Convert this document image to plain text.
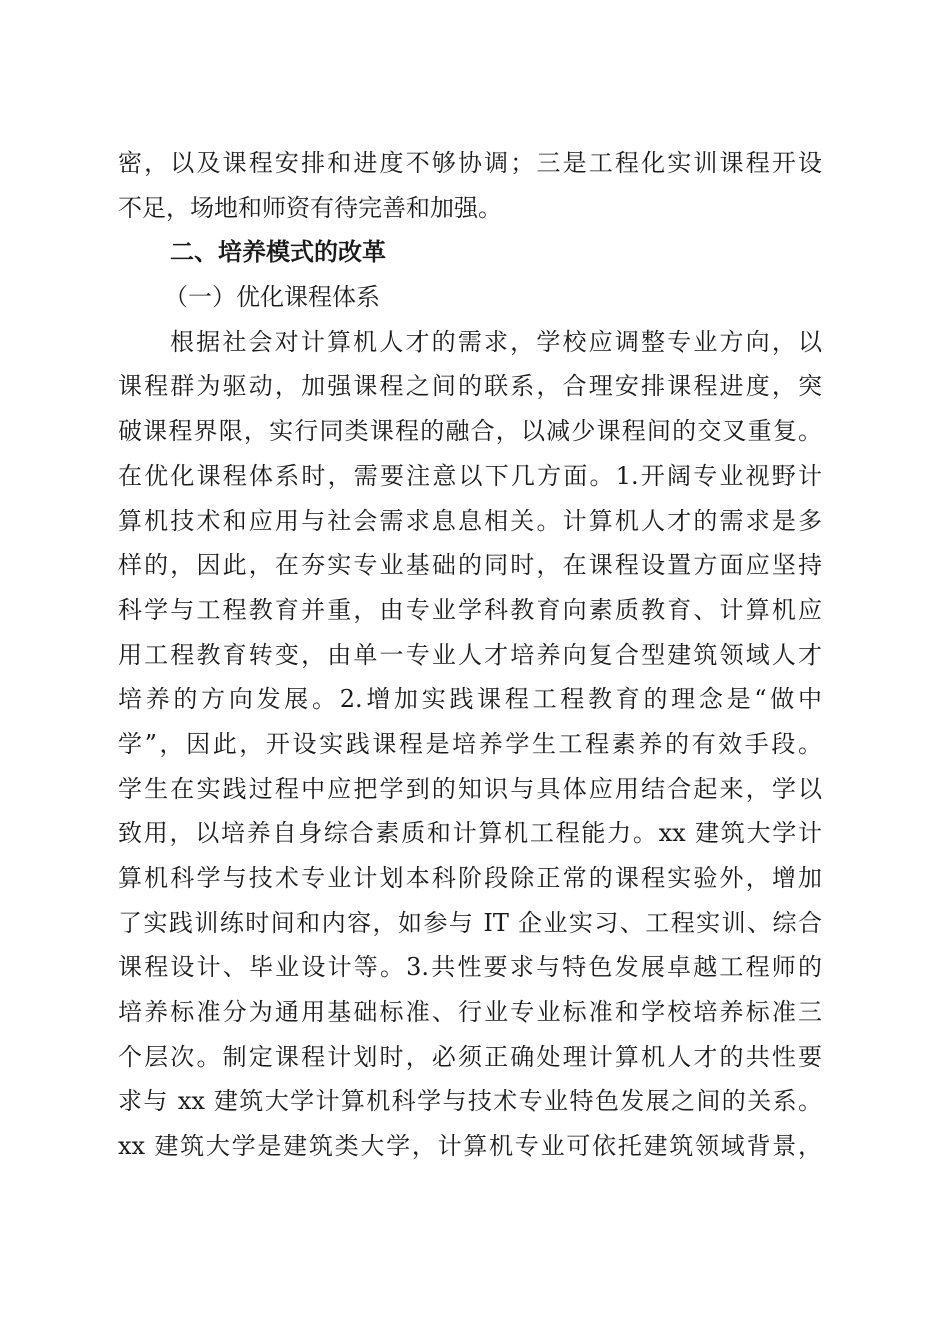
密，以及课程安排和进度不够协调；三是工程化实训课程开设
不足，场地和师资有待完善和加强。
二、培养模式的改革
（一）优化课程体系
根据社会对计算机人才的需求，学校应调整专业方向，以
课程群为驱动，加强课程之间的联系，合理安排课程进度，突
破课程界限，实行同类课程的融合，以减少课程间的交叉重复。
在优化课程体系时，需要注意以下几方面。1.开阔专业视野计
算机技术和应用与社会需求息息相关。计算机人才的需求是多
样的，因此，在夯实专业基础的同时，在课程设置方面应坚持
科学与工程教育并重，由专业学科教育向素质教育、计算机应
用工程教育转变，由单一专业人才培养向复合型建筑领域人才
培养的方向发展。2.增加实践课程工程教育的理念是“做中
学”，因此，开设实践课程是培养学生工程素养的有效手段。
学生在实践过程中应把学到的知识与具体应用结合起来，学以
致用，以培养自身综合素质和计算机工程能力。xx 建筑大学计
算机科学与技术专业计划本科阶段除正常的课程实验外，增加
了实践训练时间和内容，如参与 IT 企业实习、工程实训、综合
课程设计、毕业设计等。3.共性要求与特色发展卓越工程师的
培养标准分为通用基础标准、行业专业标准和学校培养标准三
个层次。制定课程计划时，必须正确处理计算机人才的共性要
求与 xx 建筑大学计算机科学与技术专业特色发展之间的关系。
xx 建筑大学是建筑类大学，计算机专业可依托建筑领域背景，
